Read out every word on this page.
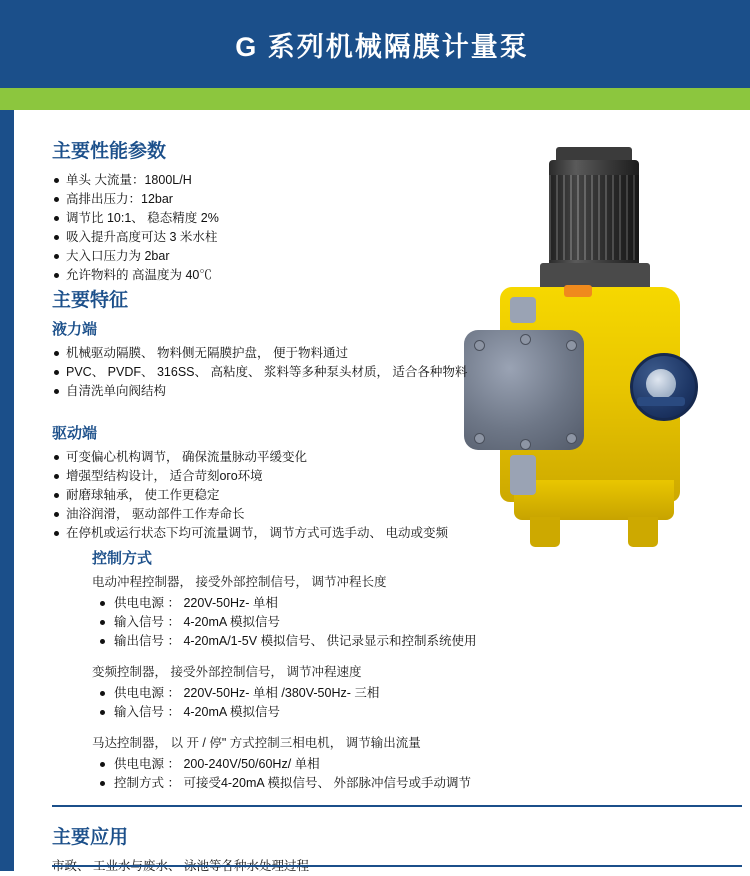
G 系列机械隔膜计量泵
主要性能参数
单头 大流量：1800L/H
高排出压力：12bar
调节比 10:1、 稳态精度 2%
吸入提升高度可达 3 米水柱
大入口压力为 2bar
允许物料的 高温度为 40℃
主要特征
液力端
机械驱动隔膜、 物料侧无隔膜护盘， 便于物料通过
PVC、 PVDF、 316SS、 高粘度、 浆料等多种泵头材质， 适合各种物料
自清洗单向阀结构
驱动端
可变偏心机构调节， 确保流量脉动平缓变化
增强型结构设计， 适合苛刻ого环境
耐磨球轴承， 使工作更稳定
油浴润滑， 驱动部件工作寿命长
在停机或运行状态下均可流量调节， 调节方式可选手动、 电动或变频
控制方式
电动冲程控制器， 接受外部控制信号， 调节冲程长度
供电电源 ： 220V-50Hz- 单相
输入信号 ： 4-20mA 模拟信号
输出信号 ： 4-20mA/1-5V 模拟信号、 供记录显示和控制系统使用
变频控制器， 接受外部控制信号， 调节冲程速度
供电电源 ： 220V-50Hz- 单相 /380V-50Hz- 三相
输入信号 ： 4-20mA 模拟信号
马达控制器， 以 开 / 停" 方式控制三相电机， 调节输出流量
供电电源 ： 200-240V/50/60Hz/ 单相
控制方式 ： 可接受4-20mA 模拟信号、 外部脉冲信号或手动调节
主要应用
